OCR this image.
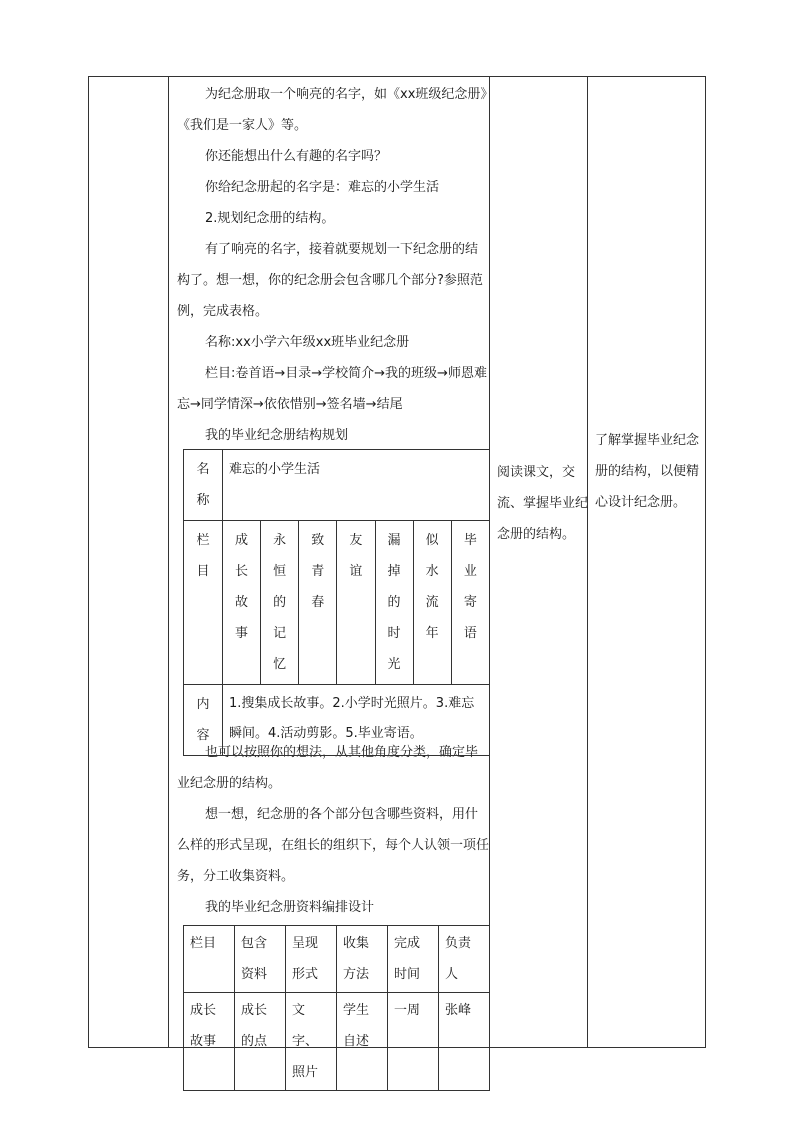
为纪念册取一个响亮的名字，如《xx班级纪念册》《我们是一家人》等。

你还能想出什么有趣的名字吗？

你给纪念册起的名字是：难忘的小学生活

2.规划纪念册的结构。

有了响亮的名字，接着就要规划一下纪念册的结构了。想一想，你的纪念册会包含哪几个部分?参照范例，完成表格。

名称:xx小学六年级xx班毕业纪念册

栏目:卷首语→目录→学校简介→我的班级→师恩难忘→同学情深→依依惜别→签名墙→结尾

我的毕业纪念册结构规划

也可以按照你的想法，从其他角度分类，确定毕业纪念册的结构。

想一想，纪念册的各个部分包含哪些资料，用什么样的形式呈现，在组长的组织下，每个人认领一项任务，分工收集资料。

我的毕业纪念册资料编排设计

名称	难忘的小学生活						

栏目	成长故事	永恒的记忆	致青春	友谊	漏掉的时光	似水流年	毕业寄语

内容	1.搜集成长故事。2.小学时光照片。3.难忘瞬间。4.活动剪影。5.毕业寄语。						
栏目	包含资料	呈现形式	收集方法	完成时间	负责人
成长故事	成长的点	文字、照片	学生自述	一周	张峰
阅读课文，交流、掌握毕业纪念册的结构。
了解掌握毕业纪念册的结构，以便精心设计纪念册。
